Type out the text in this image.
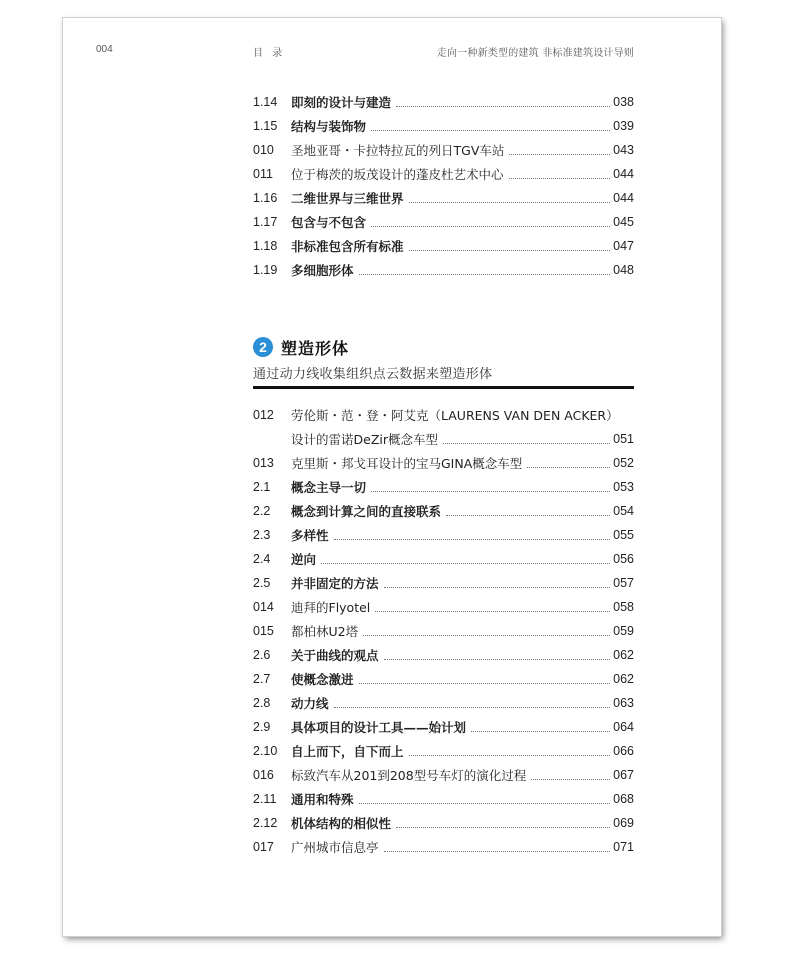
004	目 录	走向一种新类型的建筑 非标准建筑设计导则
1.14	即刻的设计与建造	038
1.15	结构与装饰物	039
010	圣地亚哥・卡拉特拉瓦的列日TGV车站	043
011	位于梅茨的坂茂设计的蓬皮杜艺术中心	044
1.16	二维世界与三维世界	044
1.17	包含与不包含	045
1.18	非标准包含所有标准	047
1.19	多细胞形体	048
2 塑造形体
通过动力线收集组织点云数据来塑造形体
012	劳伦斯・范・登・阿艾克（LAURENS VAN DEN ACKER）
设计的雷诺DeZir概念车型	051
013	克里斯・邦戈耳设计的宝马GINA概念车型	052
2.1	概念主导一切	053
2.2	概念到计算之间的直接联系	054
2.3	多样性	055
2.4	逆向	056
2.5	并非固定的方法	057
014	迪拜的Flyotel	058
015	都柏林U2塔	059
2.6	关于曲线的观点	062
2.7	使概念激进	062
2.8	动力线	063
2.9	具体项目的设计工具——始计划	064
2.10	自上而下，自下而上	066
016	标致汽车从201到208型号车灯的演化过程	067
2.11	通用和特殊	068
2.12	机体结构的相似性	069
017	广州城市信息亭	071
